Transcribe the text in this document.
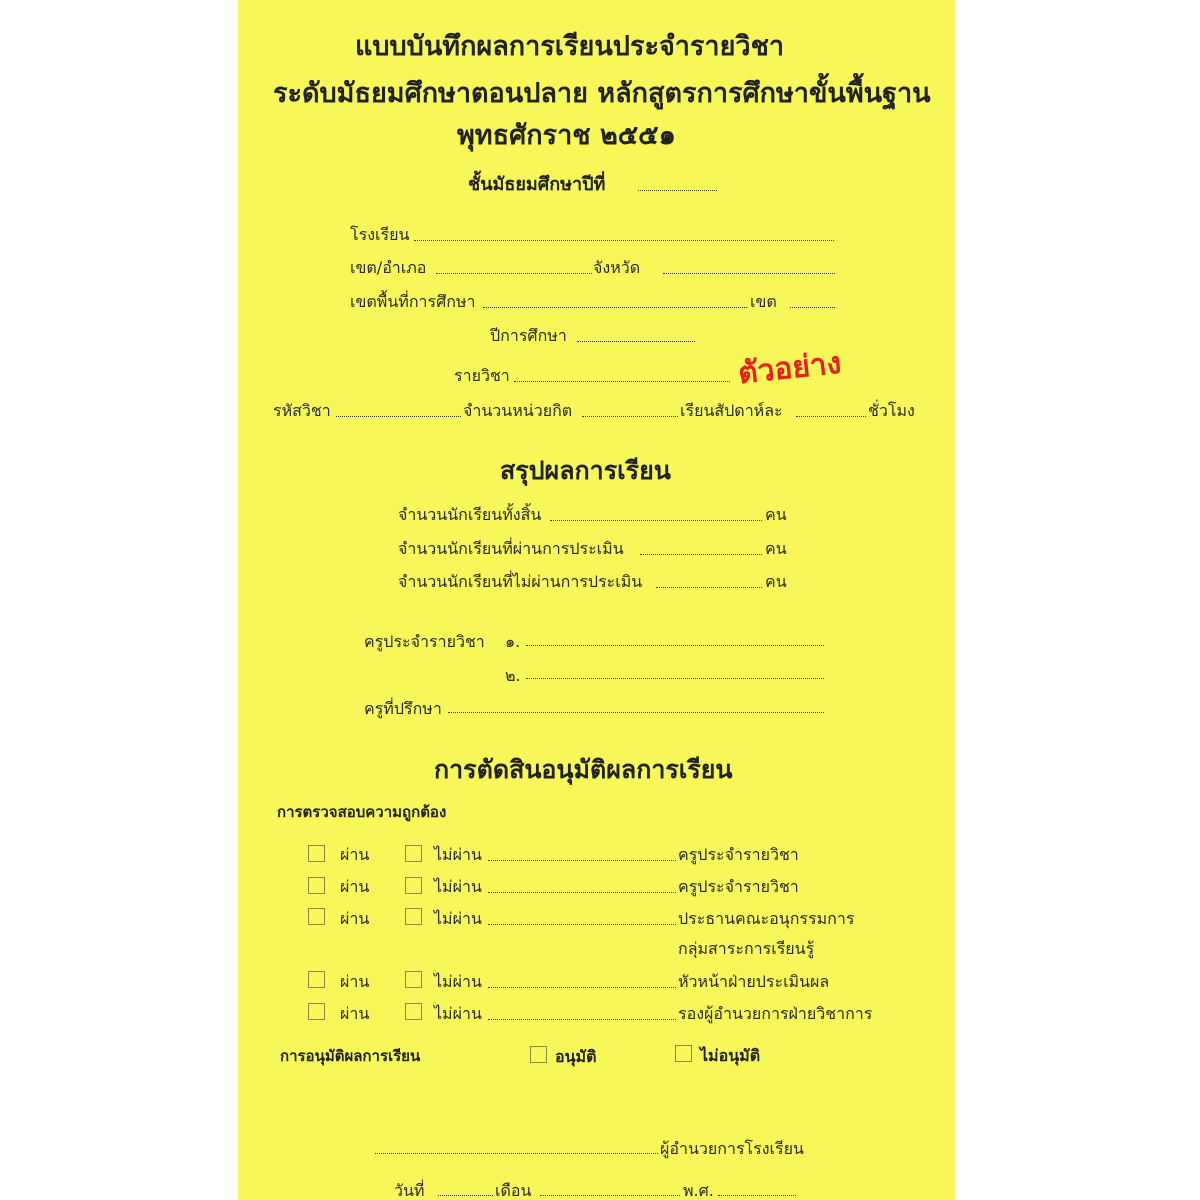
แบบบันทึกผลการเรียนประจำรายวิชา
ระดับมัธยมศึกษาตอนปลาย หลักสูตรการศึกษาขั้นพื้นฐาน
พุทธศักราช ๒๕๕๑
ชั้นมัธยมศึกษาปีที่
โรงเรียน
เขต/อำเภอ	จังหวัด
เขตพื้นที่การศึกษา	เขต
ปีการศึกษา
รายวิชา	ตัวอย่าง
รหัสวิชา	จำนวนหน่วยกิต	เรียนสัปดาห์ละ	ชั่วโมง
สรุปผลการเรียน
จำนวนนักเรียนทั้งสิ้น	คน
จำนวนนักเรียนที่ผ่านการประเมิน	คน
จำนวนนักเรียนที่ไม่ผ่านการประเมิน	คน
ครูประจำรายวิชา ๑.
๒.
ครูที่ปรึกษา
การตัดสินอนุมัติผลการเรียน
การตรวจสอบความถูกต้อง
ผ่าน	ไม่ผ่าน	ครูประจำรายวิชา
ผ่าน	ไม่ผ่าน	ครูประจำรายวิชา
ผ่าน	ไม่ผ่าน	ประธานคณะอนุกรรมการ
กลุ่มสาระการเรียนรู้
ผ่าน	ไม่ผ่าน	หัวหน้าฝ่ายประเมินผล
ผ่าน	ไม่ผ่าน	รองผู้อำนวยการฝ่ายวิชาการ
การอนุมัติผลการเรียน	อนุมัติ	ไม่อนุมัติ
ผู้อำนวยการโรงเรียน
วันที่	เดือน	พ.ศ.
